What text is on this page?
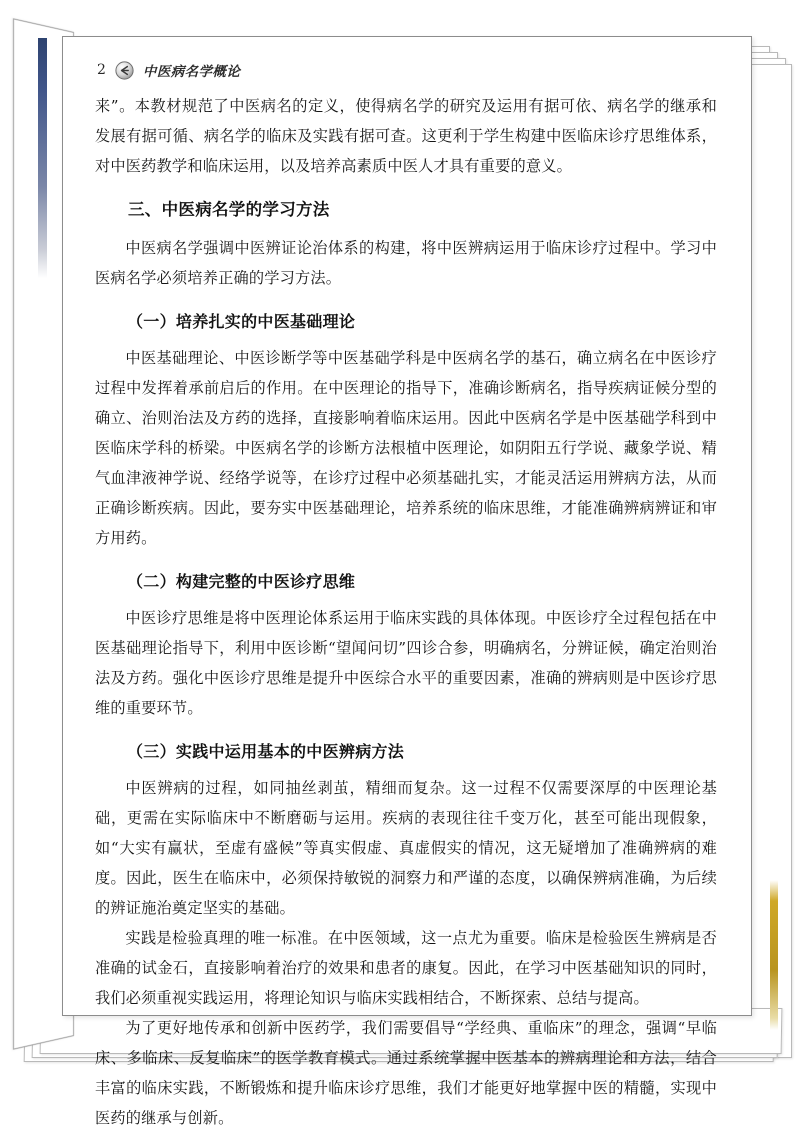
2	中医病名学概论

来”。本教材规范了中医病名的定义，使得病名学的研究及运用有据可依、病名学的继承和发展有据可循、病名学的临床及实践有据可查。这更利于学生构建中医临床诊疗思维体系，对中医药教学和临床运用，以及培养高素质中医人才具有重要的意义。

三、中医病名学的学习方法

中医病名学强调中医辨证论治体系的构建，将中医辨病运用于临床诊疗过程中。学习中医病名学必须培养正确的学习方法。

（一）培养扎实的中医基础理论

中医基础理论、中医诊断学等中医基础学科是中医病名学的基石，确立病名在中医诊疗过程中发挥着承前启后的作用。在中医理论的指导下，准确诊断病名，指导疾病证候分型的确立、治则治法及方药的选择，直接影响着临床运用。因此中医病名学是中医基础学科到中医临床学科的桥梁。中医病名学的诊断方法根植中医理论，如阴阳五行学说、藏象学说、精气血津液神学说、经络学说等，在诊疗过程中必须基础扎实，才能灵活运用辨病方法，从而正确诊断疾病。因此，要夯实中医基础理论，培养系统的临床思维，才能准确辨病辨证和审方用药。

（二）构建完整的中医诊疗思维

中医诊疗思维是将中医理论体系运用于临床实践的具体体现。中医诊疗全过程包括在中医基础理论指导下，利用中医诊断“望闻问切”四诊合参，明确病名，分辨证候，确定治则治法及方药。强化中医诊疗思维是提升中医综合水平的重要因素，准确的辨病则是中医诊疗思维的重要环节。

（三）实践中运用基本的中医辨病方法

中医辨病的过程，如同抽丝剥茧，精细而复杂。这一过程不仅需要深厚的中医理论基础，更需在实际临床中不断磨砺与运用。疾病的表现往往千变万化，甚至可能出现假象，如“大实有赢状，至虚有盛候”等真实假虚、真虚假实的情况，这无疑增加了准确辨病的难度。因此，医生在临床中，必须保持敏锐的洞察力和严谨的态度，以确保辨病准确，为后续的辨证施治奠定坚实的基础。

实践是检验真理的唯一标准。在中医领域，这一点尤为重要。临床是检验医生辨病是否准确的试金石，直接影响着治疗的效果和患者的康复。因此，在学习中医基础知识的同时，我们必须重视实践运用，将理论知识与临床实践相结合，不断探索、总结与提高。

为了更好地传承和创新中医药学，我们需要倡导“学经典、重临床”的理念，强调“早临床、多临床、反复临床”的医学教育模式。通过系统掌握中医基本的辨病理论和方法，结合丰富的临床实践，不断锻炼和提升临床诊疗思维，我们才能更好地掌握中医的精髓，实现中医药的继承与创新。
